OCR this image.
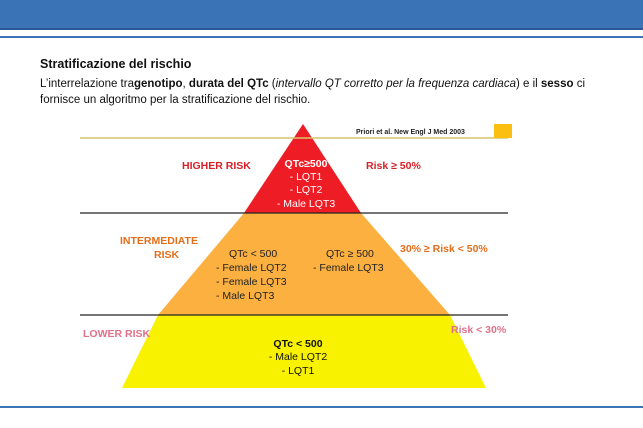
Stratificazione del rischio
L’interrelazione tragenotipo, durata del QTc (intervallo QT corretto per la frequenza cardiaca) e il sesso ci fornisce un algoritmo per la stratificazione del rischio.
Priori et al. New Engl J Med 2003
HIGHER RISK	Risk ≥ 50%
QTc≥500
- LQT1
- LQT2
- Male LQT3
INTERMEDIATE
RISK	30% ≥ Risk < 50%
QTc < 500
- Female LQT2
- Female LQT3
- Male LQT3
QTc ≥ 500
- Female LQT3
LOWER RISK	Risk < 30%
QTc < 500
- Male LQT2
- LQT1
